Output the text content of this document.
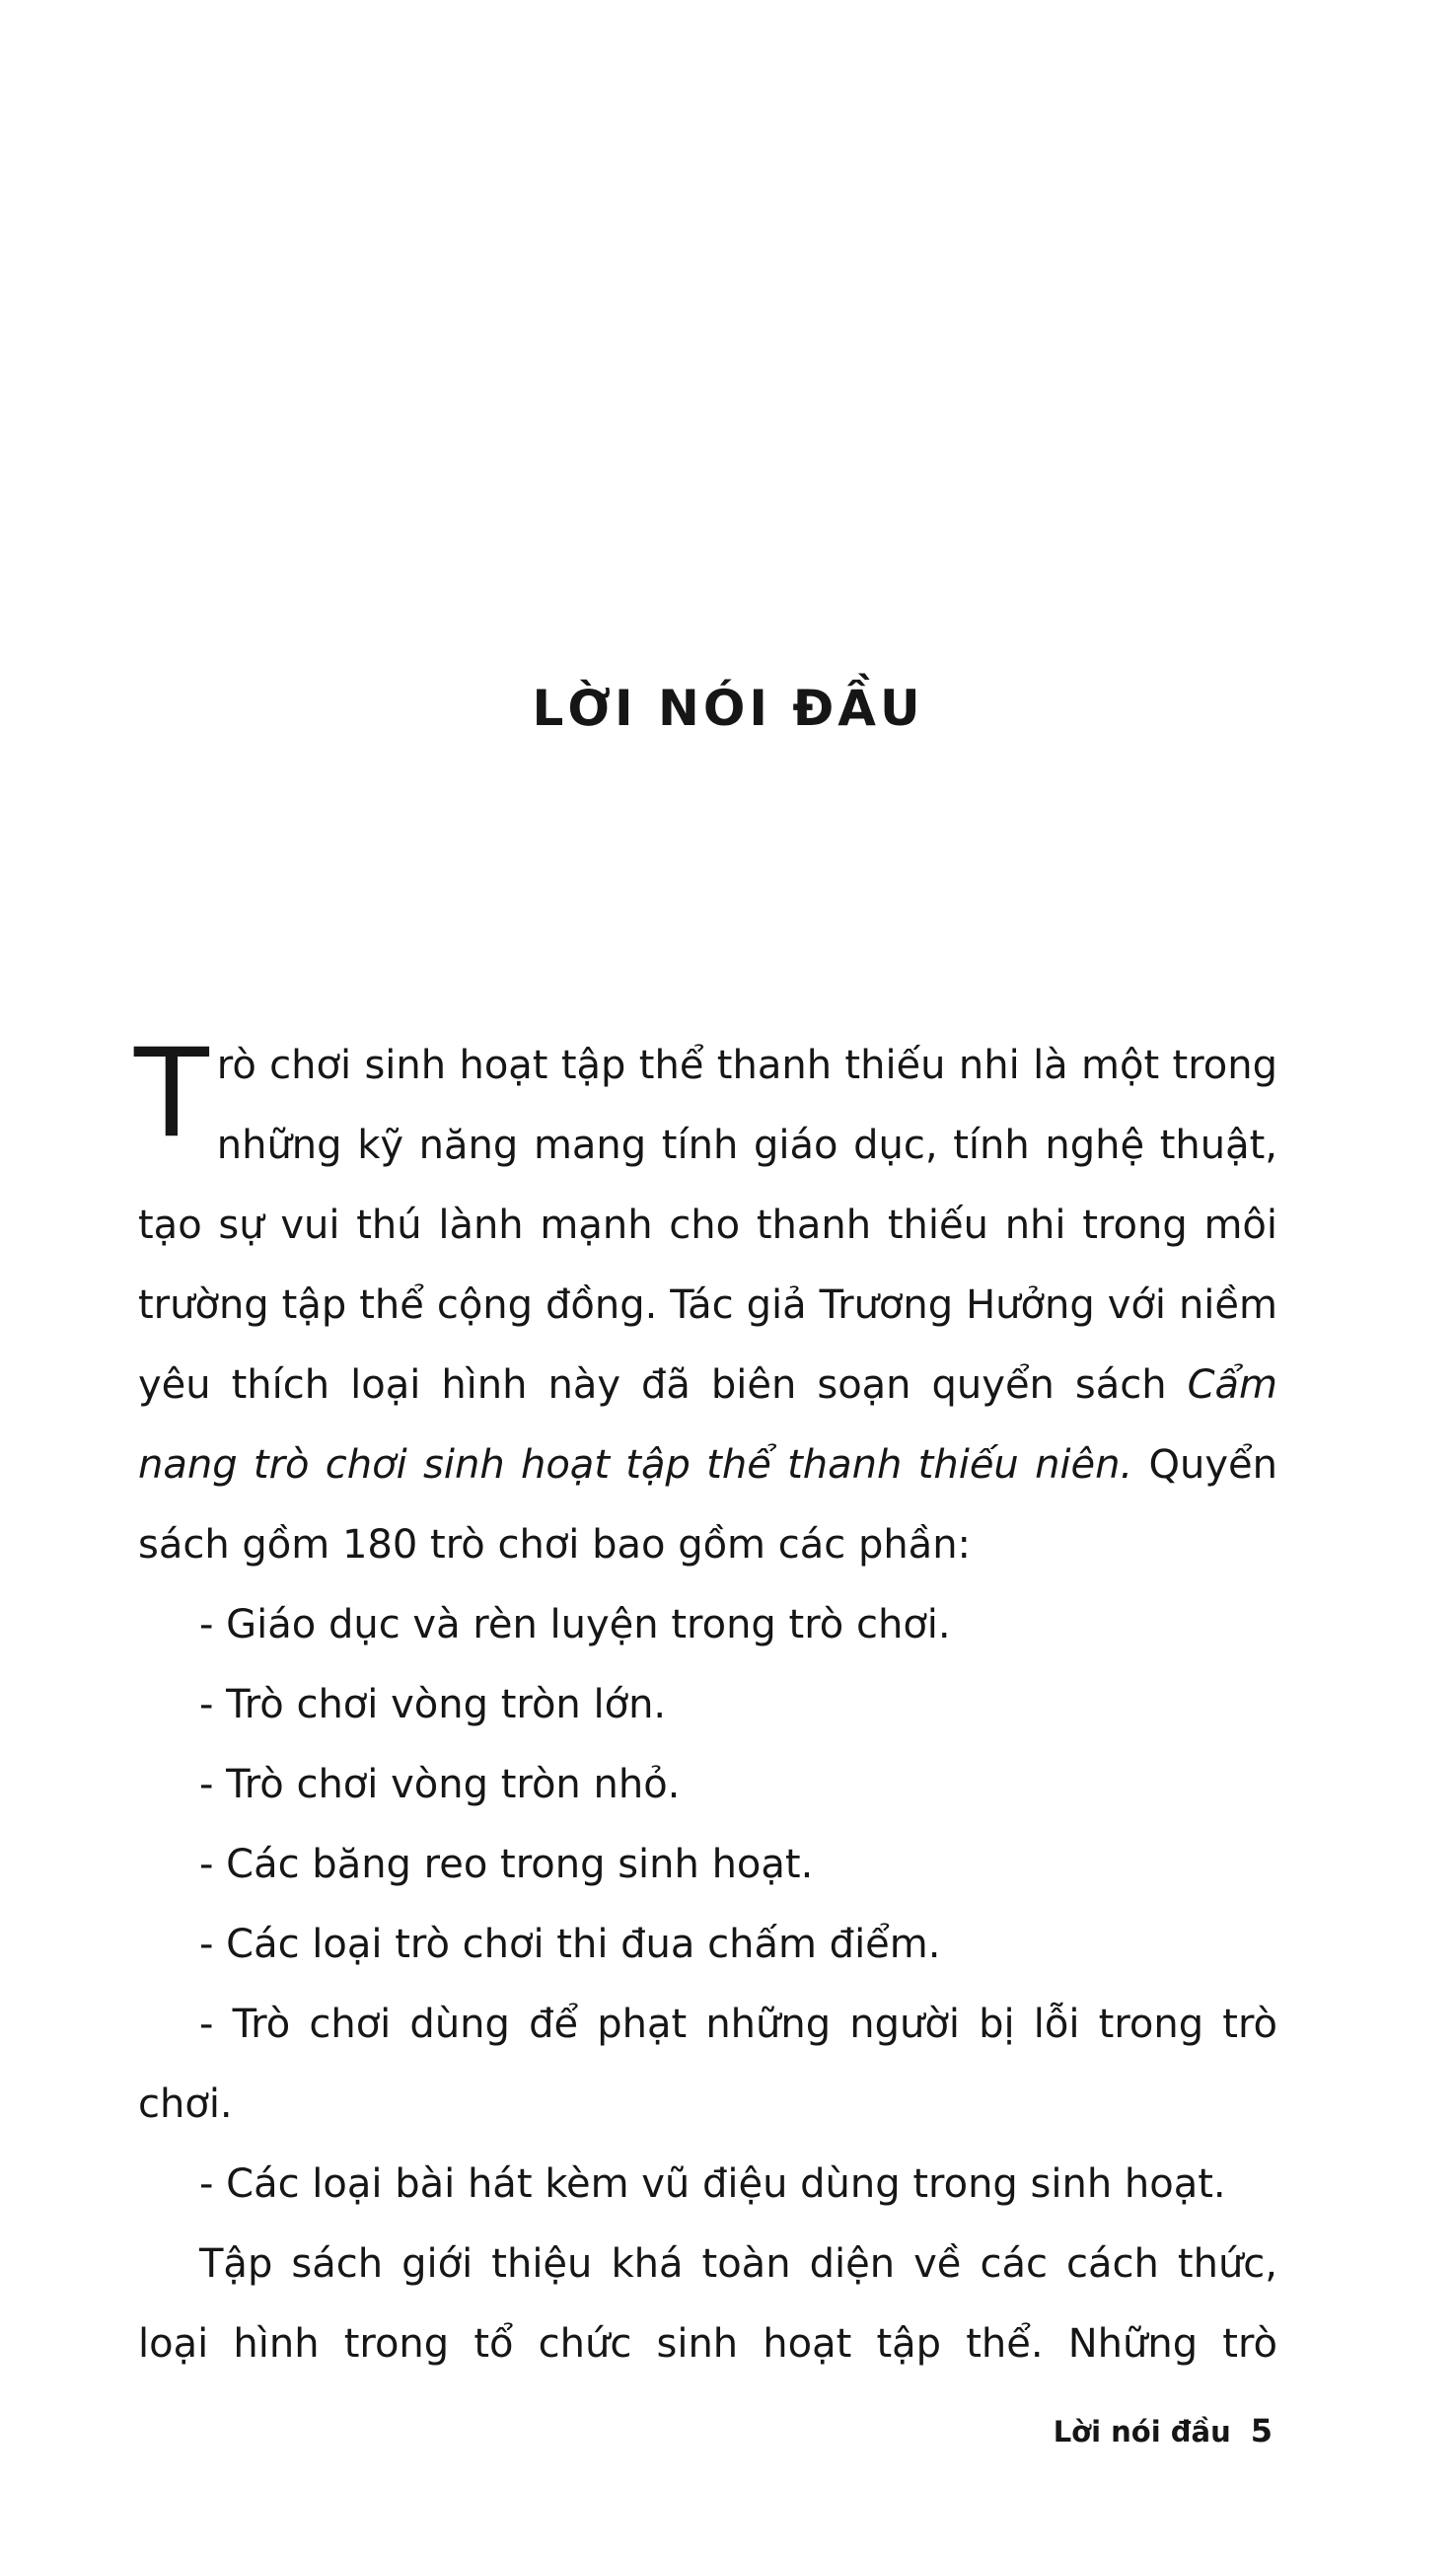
LỜI NÓI ĐẦU

Trò chơi sinh hoạt tập thể thanh thiếu nhi là một trong những kỹ năng mang tính giáo dục, tính nghệ thuật, tạo sự vui thú lành mạnh cho thanh thiếu nhi trong môi trường tập thể cộng đồng. Tác giả Trương Hưởng với niềm yêu thích loại hình này đã biên soạn quyển sách Cẩm nang trò chơi sinh hoạt tập thể thanh thiếu niên. Quyển sách gồm 180 trò chơi bao gồm các phần:

- Giáo dục và rèn luyện trong trò chơi.

- Trò chơi vòng tròn lớn.

- Trò chơi vòng tròn nhỏ.

- Các băng reo trong sinh hoạt.

- Các loại trò chơi thi đua chấm điểm.

- Trò chơi dùng để phạt những người bị lỗi trong trò chơi.

- Các loại bài hát kèm vũ điệu dùng trong sinh hoạt.

Tập sách giới thiệu khá toàn diện về các cách thức, loại hình trong tổ chức sinh hoạt tập thể. Những trò

Lời nói đầu 5
